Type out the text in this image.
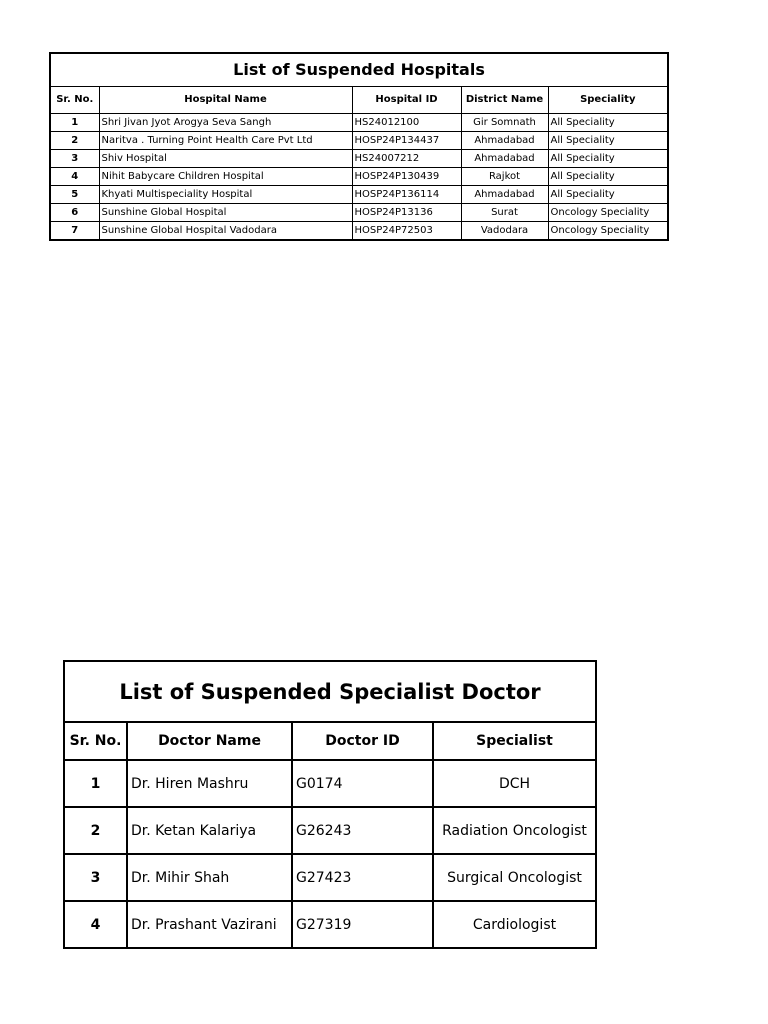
List of Suspended Hospitals				
Sr. No.	Hospital Name	Hospital ID	District Name	Speciality
1	Shri Jivan Jyot Arogya Seva Sangh	HS24012100	Gir Somnath	All Speciality
2	Naritva . Turning Point Health Care Pvt Ltd	HOSP24P134437	Ahmadabad	All Speciality
3	Shiv Hospital	HS24007212	Ahmadabad	All Speciality
4	Nihit Babycare Children Hospital	HOSP24P130439	Rajkot	All Speciality
5	Khyati Multispeciality Hospital	HOSP24P136114	Ahmadabad	All Speciality
6	Sunshine Global Hospital	HOSP24P13136	Surat	Oncology Speciality
7	Sunshine Global Hospital Vadodara	HOSP24P72503	Vadodara	Oncology Speciality
List of Suspended Specialist Doctor			
Sr. No.	Doctor Name	Doctor ID	Specialist
1	Dr. Hiren Mashru	G0174	DCH
2	Dr. Ketan Kalariya	G26243	Radiation Oncologist
3	Dr. Mihir Shah	G27423	Surgical Oncologist
4	Dr. Prashant Vazirani	G27319	Cardiologist
